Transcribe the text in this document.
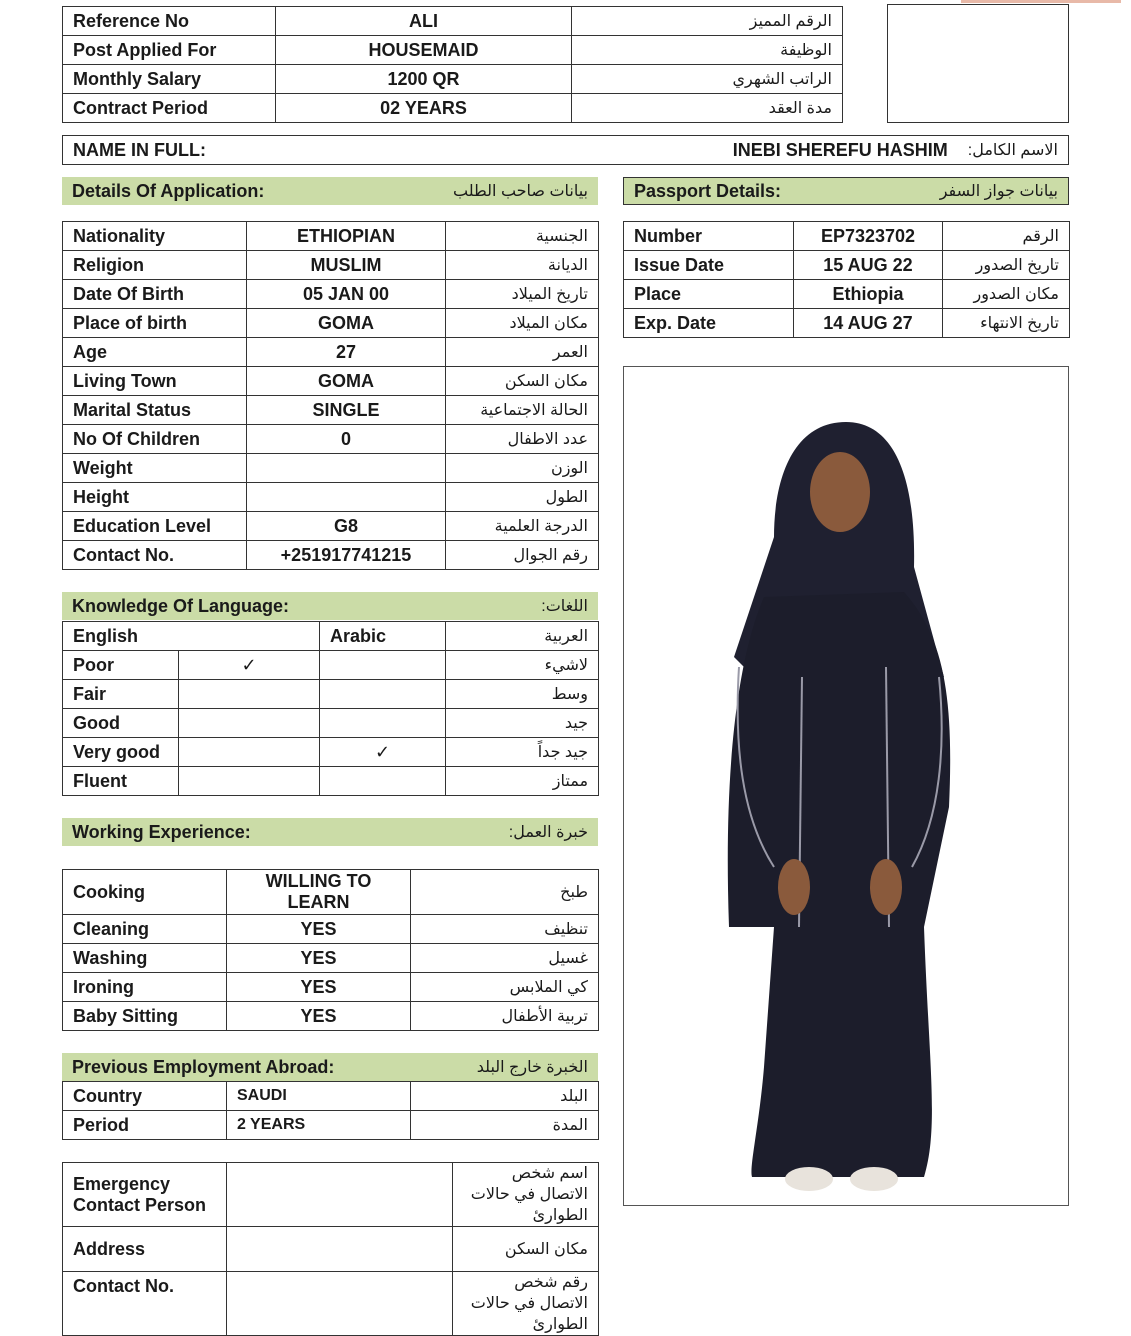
Reference No	ALI	الرقم المميز
Post Applied For	HOUSEMAID	الوظيفة
Monthly Salary	1200 QR	الراتب الشهري
Contract Period	02 YEARS	مدة العقد
NAME IN FULL:	INEBI SHEREFU HASHIM الاسم الكامل:
Details Of Application:	بيانات صاحب الطلب	Passport Details:	بيانات جواز السفر
Nationality	ETHIOPIAN	الجنسية
Religion	MUSLIM	الديانة
Date Of Birth	05 JAN 00	تاريخ الميلاد
Place of birth	GOMA	مكان الميلاد
Age	27	العمر
Living Town	GOMA	مكان السكن
Marital Status	SINGLE	الحالة الاجتماعية
No Of Children	0	عدد الاطفال
Weight		الوزن
Height		الطول
Education Level	G8	الدرجة العلمية
Contact No.	+251917741215	رقم الجوال
Number	EP7323702	الرقم
Issue Date	15 AUG 22	تاريخ الصدور
Place	Ethiopia	مكان الصدور
Exp. Date	14 AUG 27	تاريخ الانتهاء
Knowledge Of Language:	اللغات:
English		Arabic	العربية
Poor	✓		لاشيء
Fair			وسط
Good			جيد
Very good		✓	جيد جداً
Fluent			ممتاز
Working Experience:	خبرة العمل:
Cooking	WILLING TO LEARN	طبخ
Cleaning	YES	تنظيف
Washing	YES	غسيل
Ironing	YES	كي الملابس
Baby Sitting	YES	تربية الأطفال
Previous Employment Abroad:	الخبرة خارج البلد
Country	SAUDI	البلد
Period	2 YEARS	المدة
Emergency Contact Person		اسم شخص الاتصال في حالات الطوارئ
Address		مكان السكن
Contact No.		رقم شخص الاتصال في حالات الطوارئ
